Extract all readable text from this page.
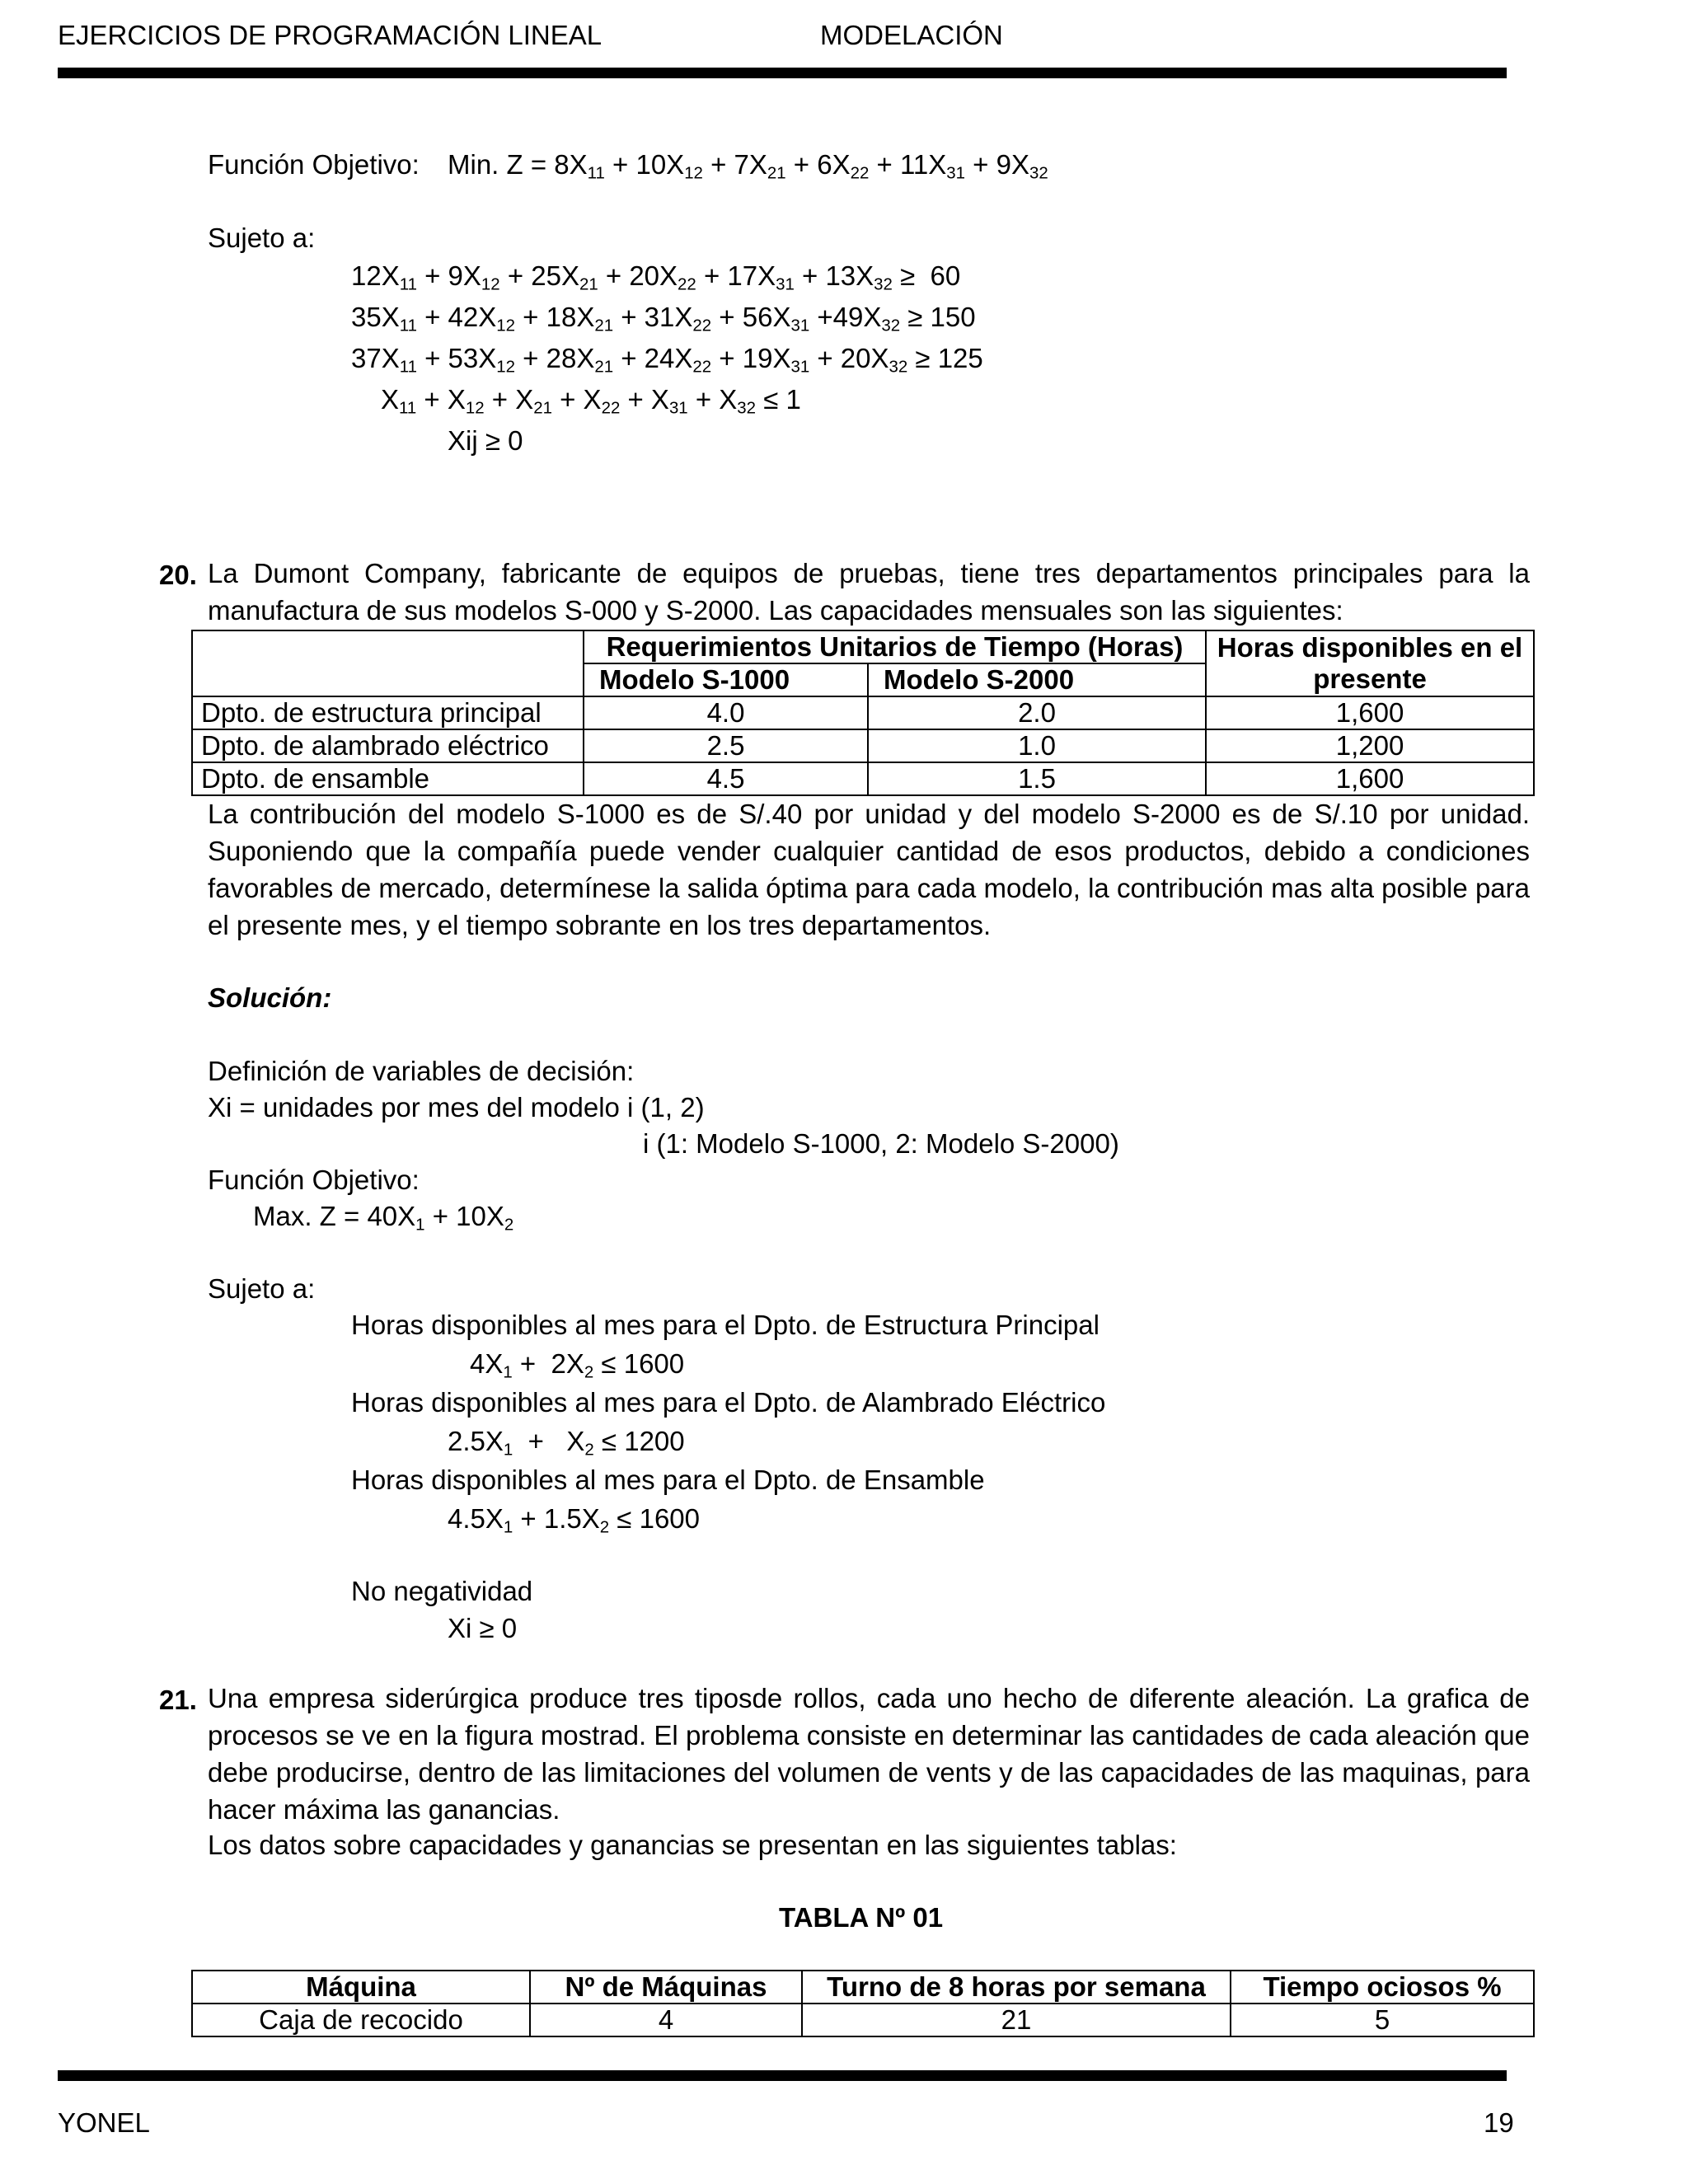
EJERCICIOS DE PROGRAMACIÓN LINEAL	MODELACIÓN
Función Objetivo: Min. $Z = 8X_{11} + 10X_{12} + 7X_{21} + 6X_{22} + 11X_{31} + 9X_{32}$
Sujeto a:
$12X_{11} + 9X_{12} + 25X_{21} + 20X_{22} + 17X_{31} + 13X_{32} \ge 60$
$35X_{11} + 42X_{12} + 18X_{21} + 31X_{22} + 56X_{31} +49X_{32} \ge 150$
$37X_{11} + 53X_{12} + 28X_{21} + 24X_{22} + 19X_{31} + 20X_{32} \ge 125$
$X_{11} + X_{12} + X_{21} + X_{22} + X_{31} + X_{32} \le 1$
Xij ≥ 0
20. La Dumont Company, fabricante de equipos de pruebas, tiene tres departamentos principales para la manufactura de sus modelos S-000 y S-2000. Las capacidades mensuales son las siguientes:
	Requerimientos Unitarios de Tiempo (Horas)		Horas disponibles en el presente
	Modelo S-1000	Modelo S-2000	
Dpto. de estructura principal	4.0	2.0	1,600
Dpto. de alambrado eléctrico	2.5	1.0	1,200
Dpto. de ensamble	4.5	1.5	1,600
La contribución del modelo S-1000 es de S/.40 por unidad y del modelo S-2000 es de S/.10 por unidad. Suponiendo que la compañía puede vender cualquier cantidad de esos productos, debido a condiciones favorables de mercado, determínese la salida óptima para cada modelo, la contribución mas alta posible para el presente mes, y el tiempo sobrante en los tres departamentos.
Solución:
Definición de variables de decisión:
Xi = unidades por mes del modelo i (1, 2)
i (1: Modelo S-1000, 2: Modelo S-2000)
Función Objetivo:
Max. $Z = 40X_1 + 10X_2$
Sujeto a:
Horas disponibles al mes para el Dpto. de Estructura Principal
$4X_1 + 2X_2 \le 1600$
Horas disponibles al mes para el Dpto. de Alambrado Eléctrico
$2.5X_1 + X_2 \le 1200$
Horas disponibles al mes para el Dpto. de Ensamble
$4.5X_1 + 1.5X_2 \le 1600$
No negatividad
Xi ≥ 0
21. Una empresa siderúrgica produce tres tiposde rollos, cada uno hecho de diferente aleación. La grafica de procesos se ve en la figura mostrad. El problema consiste en determinar las cantidades de cada aleación que debe producirse, dentro de las limitaciones del volumen de vents y de las capacidades de las maquinas, para hacer máxima las ganancias.
Los datos sobre capacidades y ganancias se presentan en las siguientes tablas:
TABLA Nº 01
Máquina	Nº de Máquinas	Turno de 8 horas por semana	Tiempo ociosos %
Caja de recocido	4	21	5
YONEL	19
